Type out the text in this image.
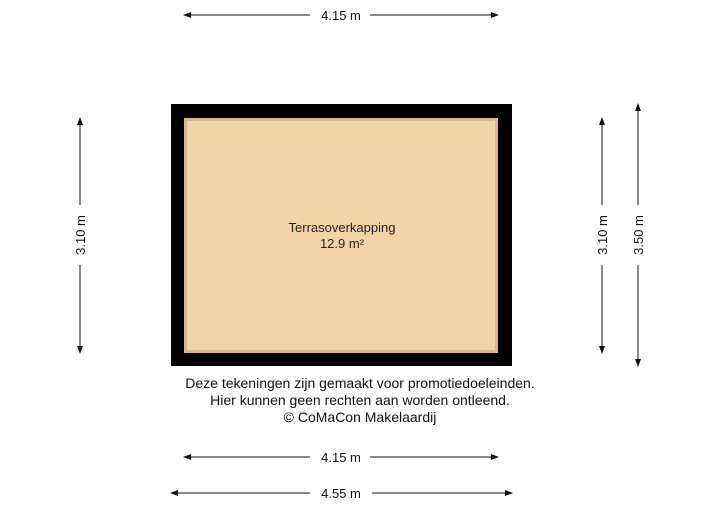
Terrasoverkapping
12.9 m²
4.15 m
3.10 m	3.10 m 3.50 m
4.15 m
4.55 m
Deze tekeningen zijn gemaakt voor promotiedoeleinden.
Hier kunnen geen rechten aan worden ontleend.
© CoMaCon Makelaardij
